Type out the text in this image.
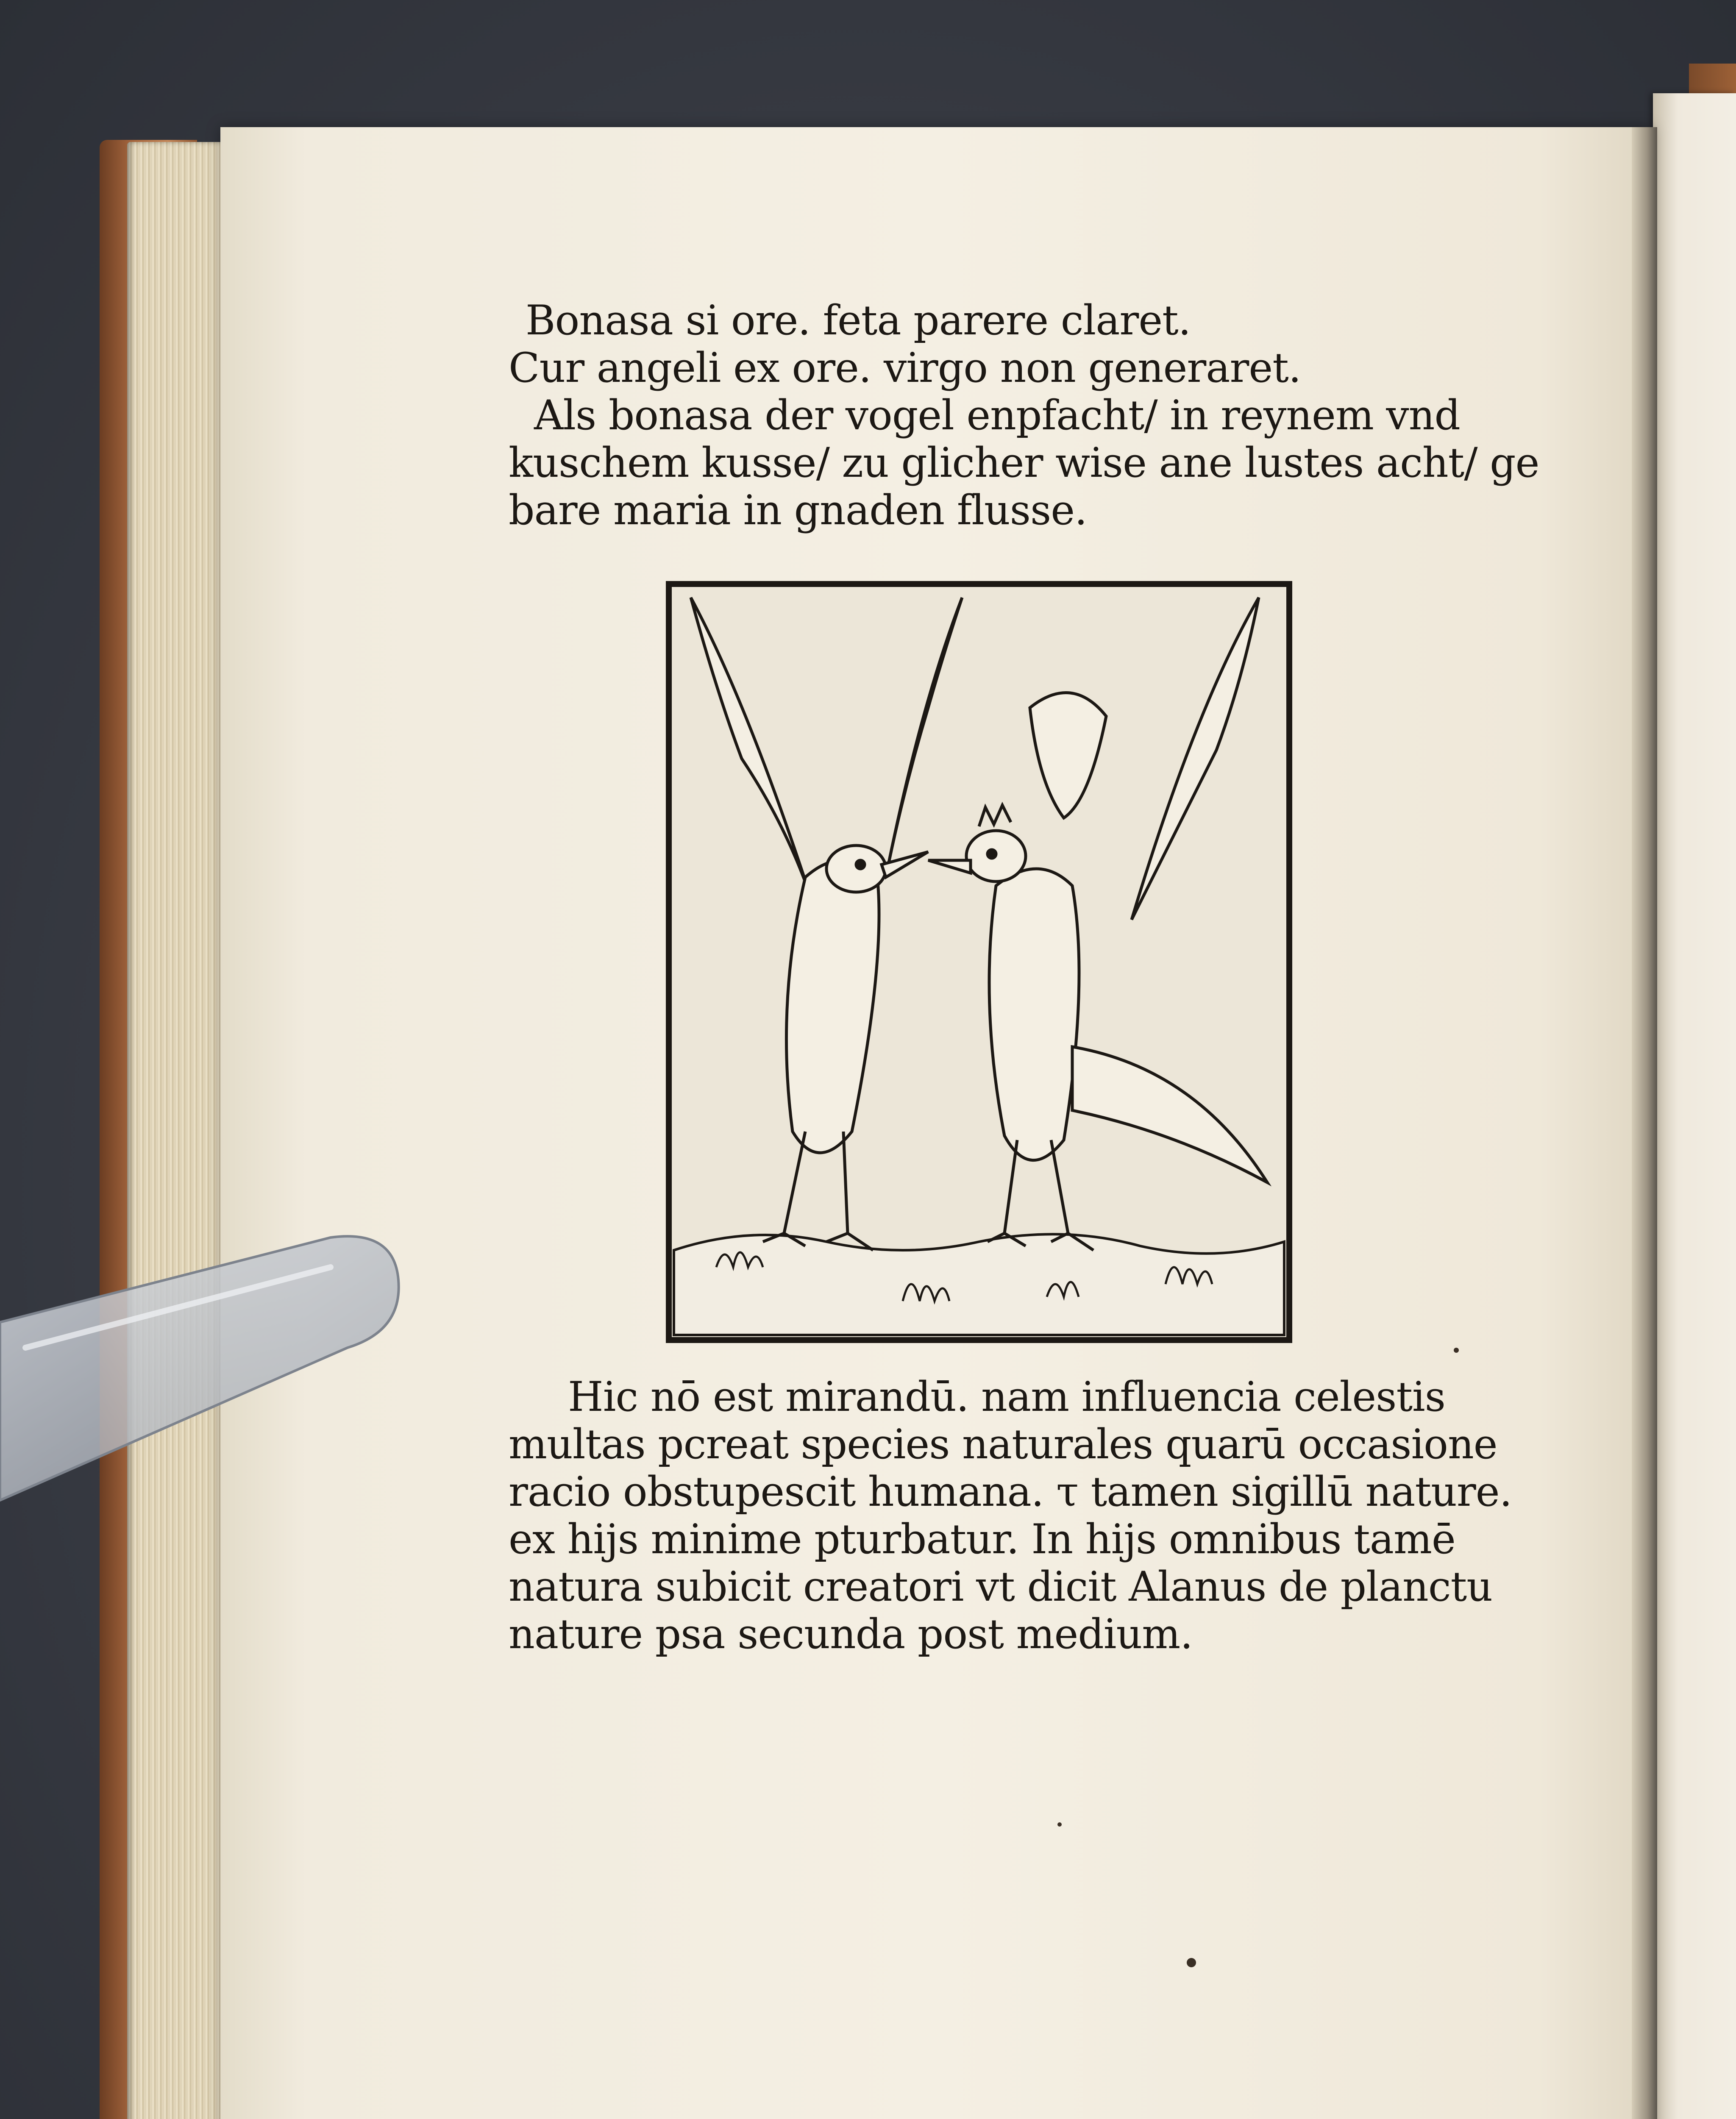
Bonasa si ore. feta parere claret.
Cur angeli ex ore. virgo non generaret.
Als bonasa der vogel enpfacht/ in reynem vnd
kuschem kusse/ zu glicher wise ane lustes acht/ ge
bare maria in gnaden flusse.
Hic nō est mirandū. nam influencia celestis
multas pcreat species naturales quarū occasione
racio obstupescit humana. τ tamen sigillū nature.
ex hijs minime pturbatur. In hijs omnibus tamē
natura subicit creatori vt dicit Alanus de planctu
nature psa secunda post medium.
